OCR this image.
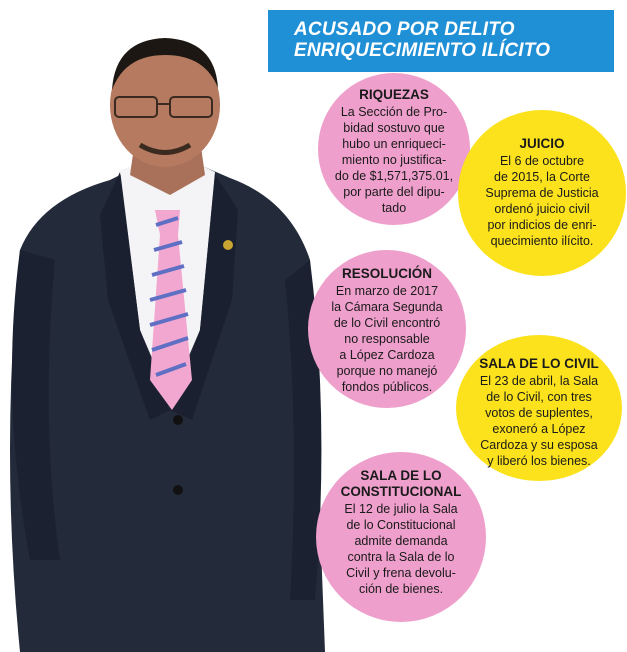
ACUSADO POR DELITO
ENRIQUECIMIENTO ILÍCITO
RIQUEZAS
La Sección de Pro-
bidad sostuvo que
hubo un enriqueci-
miento no justifica-
do de $1,571,375.01,
por parte del dipu-
tado
JUICIO
El 6 de octubre
de 2015, la Corte
Suprema de Justicia
ordenó juicio civil
por indicios de enri-
quecimiento ilícito.
RESOLUCIÓN
En marzo de 2017
la Cámara Segunda
de lo Civil encontró
no responsable
a López Cardoza
porque no manejó
fondos públicos.
SALA DE LO CIVIL
El 23 de abril, la Sala
de lo Civil, con tres
votos de suplentes,
exoneró a López
Cardoza y su esposa
y liberó los bienes.
SALA DE LO
CONSTITUCIONAL
El 12 de julio la Sala
de lo Constitucional
admite demanda
contra la Sala de lo
Civil y frena devolu-
ción de bienes.
